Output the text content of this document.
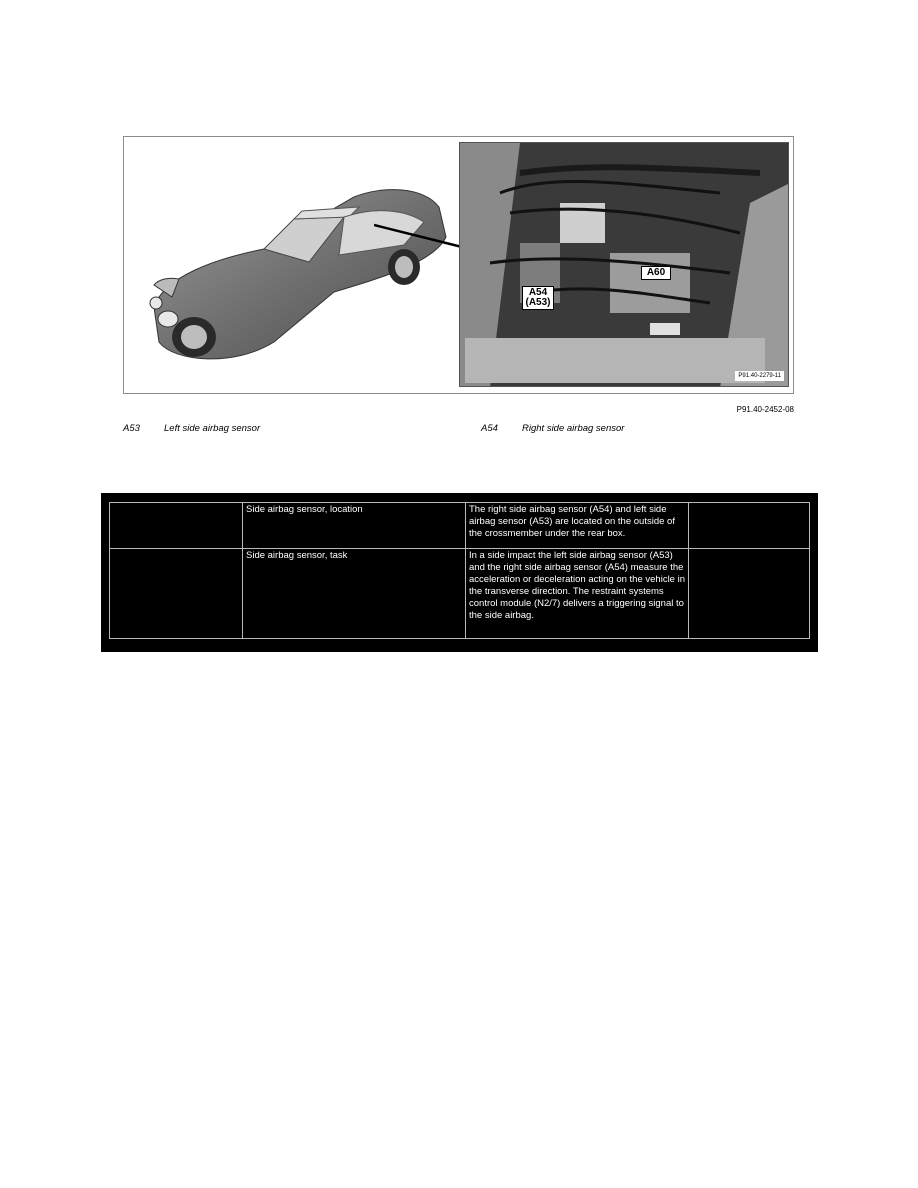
A54
(A53)
A60
P91.40-2279-11
P91.40-2452-08
A53	Left side airbag sensor	A54	Right side airbag sensor
	Side airbag sensor, location	The right side airbag sensor (A54) and left side airbag sensor (A53) are located on the outside of the crossmember under the rear box.	
	Side airbag sensor, task	In a side impact the left side airbag sensor (A53) and the right side airbag sensor (A54) measure the acceleration or deceleration acting on the vehicle in the transverse direction. The restraint systems control module (N2/7) delivers a triggering signal to the side airbag.	
